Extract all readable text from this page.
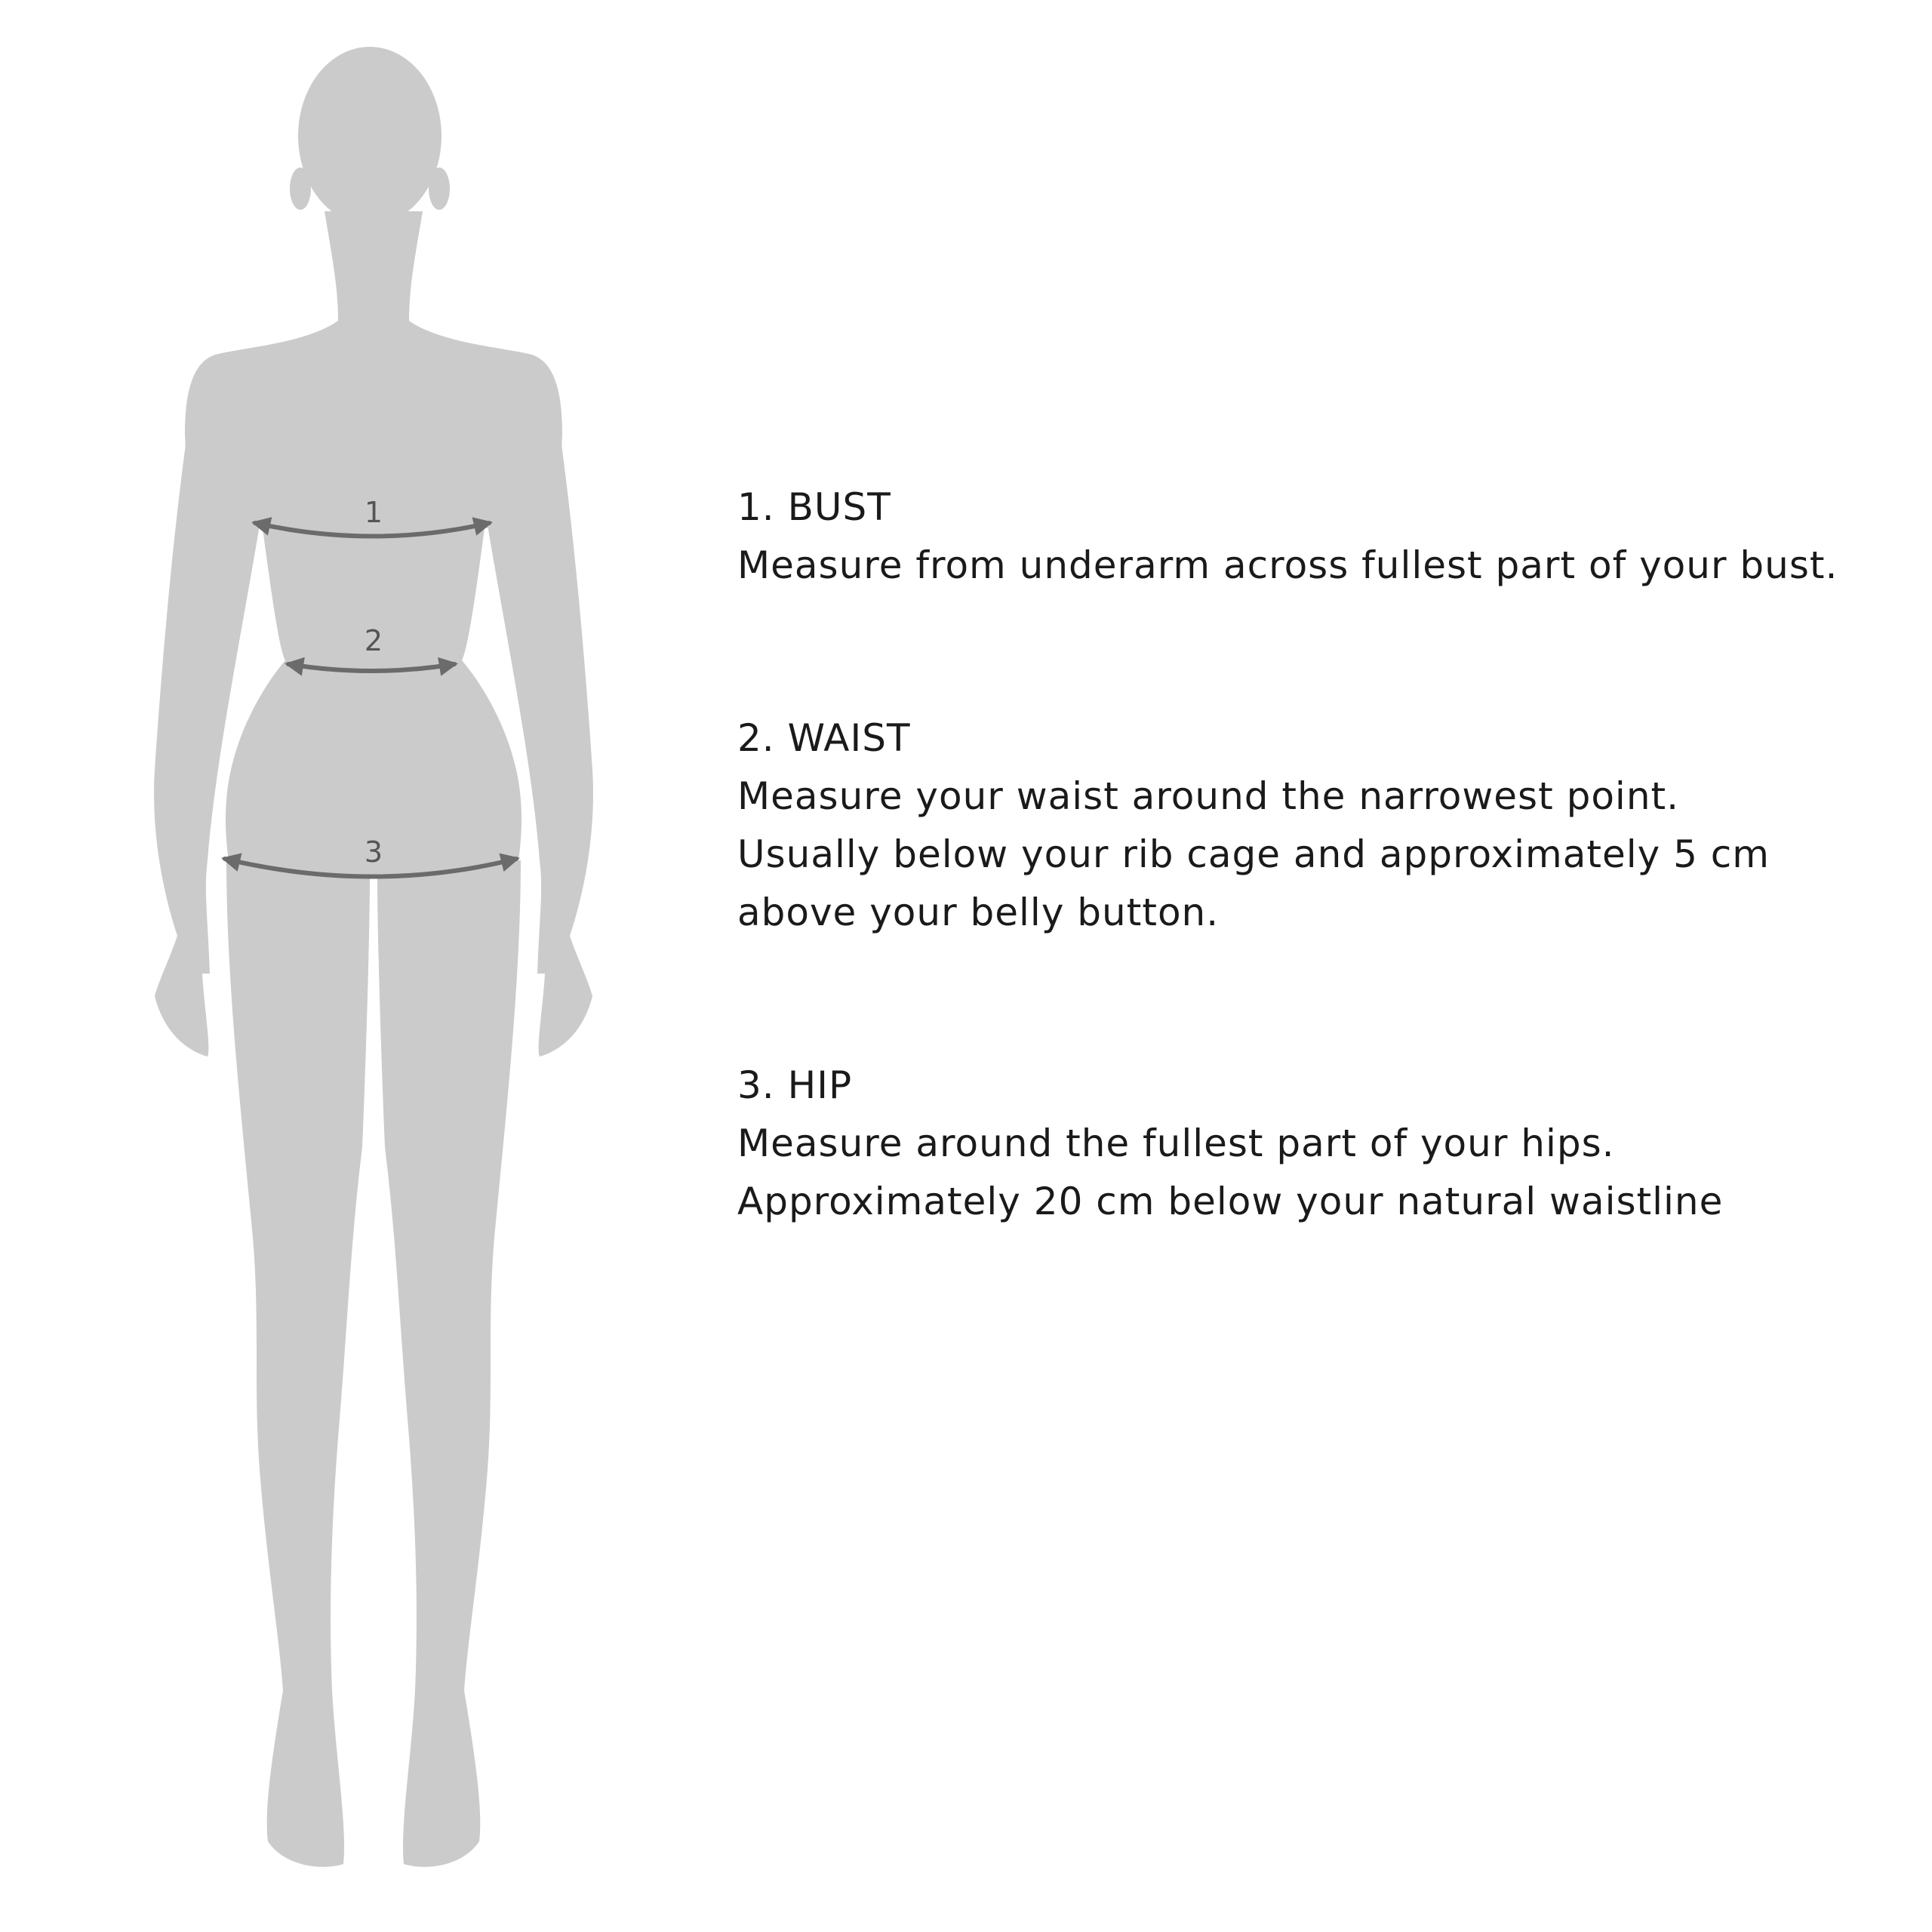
1
2
3

1. BUST

Measure from underarm across fullest part of your bust.

2. WAIST

Measure your waist around the narrowest point.

Usually below your rib cage and approximately 5 cm

above your belly button.

3. HIP

Measure around the fullest part of your hips.

Approximately 20 cm below your natural waistline
